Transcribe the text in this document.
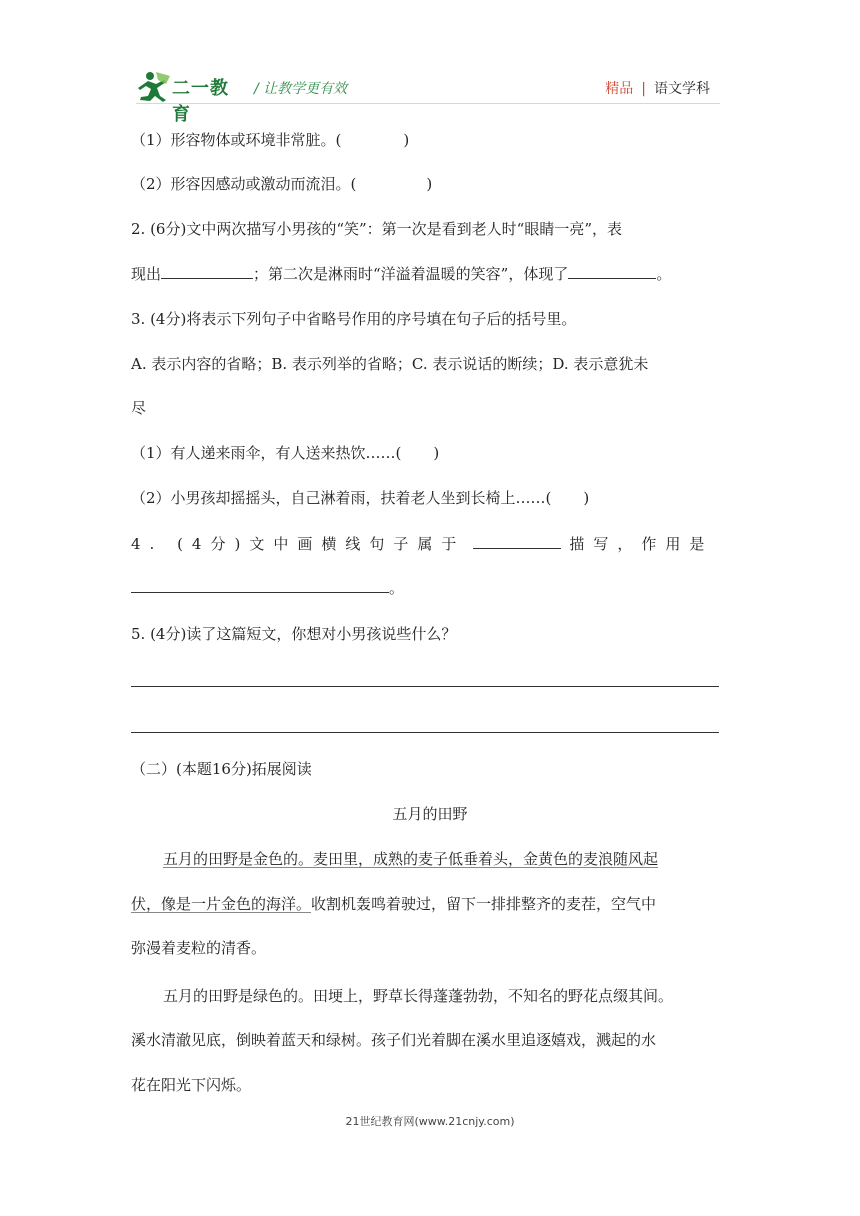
二一教育
/ 让教学更有效	精品 | 语文学科
（1）形容物体或环境非常脏。(	)
（2）形容因感动或激动而流泪。(	)
2. (6分)文中两次描写小男孩的“笑”：第一次是看到老人时“眼睛一亮”，表
现出	；第二次是淋雨时“洋溢着温暖的笑容”，体现了	。
3. (4分)将表示下列句子中省略号作用的序号填在句子后的括号里。
A. 表示内容的省略；B. 表示列举的省略；C. 表示说话的断续；D. 表示意犹未
尽
（1）有人递来雨伞，有人送来热饮……( )
（2）小男孩却摇摇头，自己淋着雨，扶着老人坐到长椅上……( )
4. (4分)文中画横线句子属于	描写，作用是
。
5. (4分)读了这篇短文，你想对小男孩说些什么？
（二）(本题16分)拓展阅读
五月的田野
五月的田野是金色的。麦田里，成熟的麦子低垂着头，金黄色的麦浪随风起
伏，像是一片金色的海洋。收割机轰鸣着驶过，留下一排排整齐的麦茬，空气中
弥漫着麦粒的清香。
五月的田野是绿色的。田埂上，野草长得蓬蓬勃勃，不知名的野花点缀其间。
溪水清澈见底，倒映着蓝天和绿树。孩子们光着脚在溪水里追逐嬉戏，溅起的水
花在阳光下闪烁。
21世纪教育网(www.21cnjy.com)
